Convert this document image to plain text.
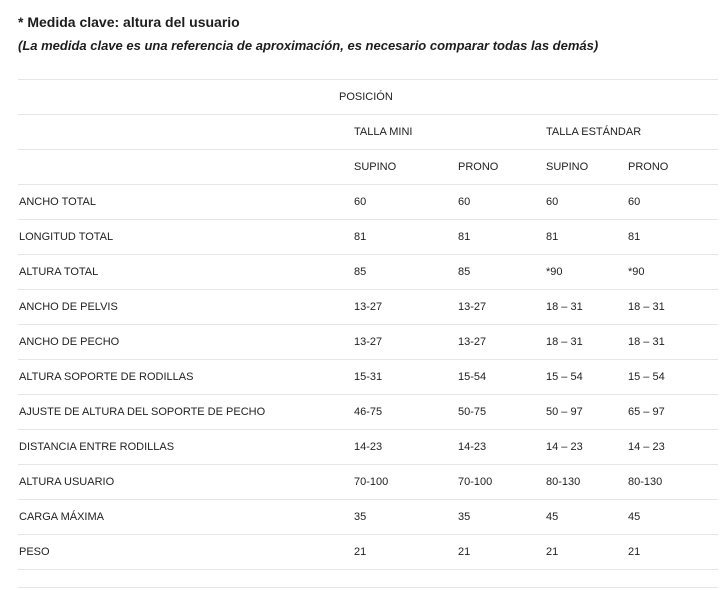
* Medida clave: altura del usuario
(La medida clave es una referencia de aproximación, es necesario comparar todas las demás)
	POSICIÓN			
	TALLA MINI		TALLA ESTÁNDAR	
	SUPINO	PRONO	SUPINO	PRONO
ANCHO TOTAL	60	60	60	60
LONGITUD TOTAL	81	81	81	81
ALTURA TOTAL	85	85	*90	*90
ANCHO DE PELVIS	13-27	13-27	18 – 31	18 – 31
ANCHO DE PECHO	13-27	13-27	18 – 31	18 – 31
ALTURA SOPORTE DE RODILLAS	15-31	15-54	15 – 54	15 – 54
AJUSTE DE ALTURA DEL SOPORTE DE PECHO	46-75	50-75	50 – 97	65 – 97
DISTANCIA ENTRE RODILLAS	14-23	14-23	14 – 23	14 – 23
ALTURA USUARIO	70-100	70-100	80-130	80-130
CARGA MÁXIMA	35	35	45	45
PESO	21	21	21	21
